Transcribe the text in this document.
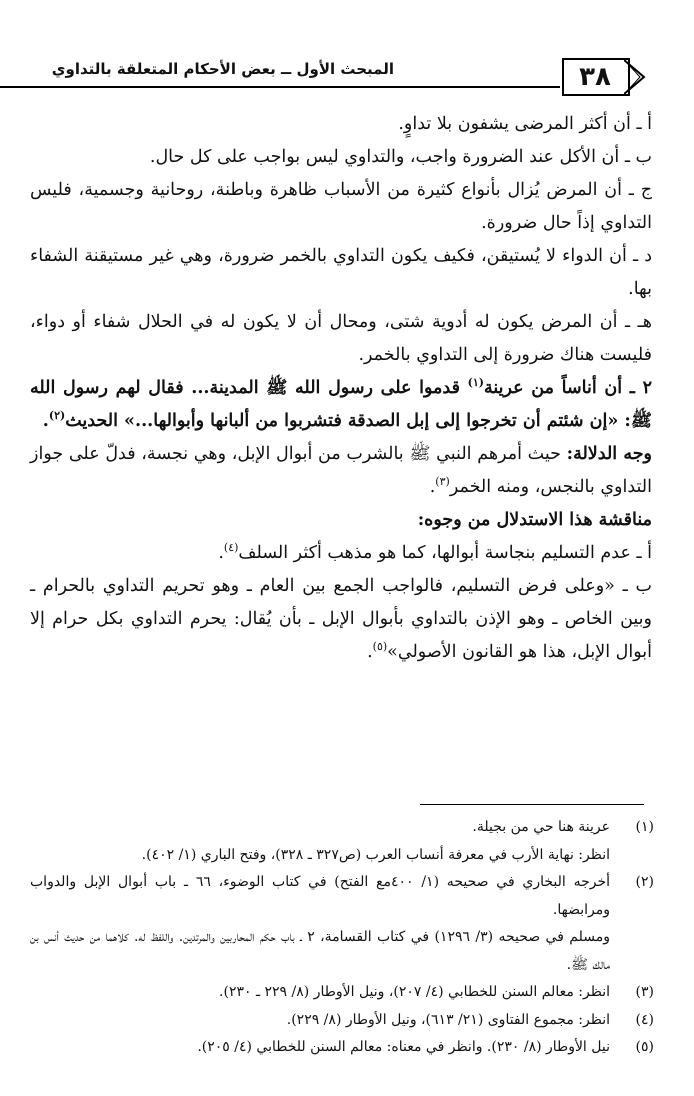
المبحث الأول ــ بعض الأحكام المتعلقة بالتداوي	٣٨

أ ـ أن أكثر المرضى يشفون بلا تداوٍ.

ب ـ أن الأكل عند الضرورة واجب، والتداوي ليس بواجب على كل حال.

ج ـ أن المرض يُزال بأنواع كثيرة من الأسباب ظاهرة وباطنة، روحانية وجسمية، فليس التداوي إذاً حال ضرورة.

د ـ أن الدواء لا يُستيقن، فكيف يكون التداوي بالخمر ضرورة، وهي غير مستيقنة الشفاء بها.

هـ ـ أن المرض يكون له أدوية شتى، ومحال أن لا يكون له في الحلال شفاء أو دواء، فليست هناك ضرورة إلى التداوي بالخمر.

٢ ـ أن أناساً من عرينة$^{(١)}$ قدموا على رسول الله ﷺ المدينة... فقال لهم رسول الله ﷺ: «إن شئتم أن تخرجوا إلى إبل الصدقة فتشربوا من ألبانها وأبوالها...» الحديث$^{(٢)}$.

وجه الدلالة: حيث أمرهم النبي ﷺ بالشرب من أبوال الإبل، وهي نجسة، فدلّ على جواز التداوي بالنجس، ومنه الخمر$^{(٣)}$.

مناقشة هذا الاستدلال من وجوه:

أ ـ عدم التسليم بنجاسة أبوالها، كما هو مذهب أكثر السلف$^{(٤)}$.

ب ـ «وعلى فرض التسليم، فالواجب الجمع بين العام ـ وهو تحريم التداوي بالحرام ـ وبين الخاص ـ وهو الإذن بالتداوي بأبوال الإبل ـ بأن يُقال: يحرم التداوي بكل حرام إلا أبوال الإبل، هذا هو القانون الأصولي»$^{(٥)}$.

(١)

عرينة هنا حي من بجيلة.

انظر: نهاية الأرب في معرفة أنساب العرب (ص٣٢٧ ـ ٣٢٨)، وفتح الباري (١/ ٤٠٢).

(٢)

أخرجه البخاري في صحيحه (١/ ٤٠٠مع الفتح) في كتاب الوضوء، ٦٦ ـ باب أبوال الإبل والدواب ومرابضها.

ومسلم في صحيحه (٣/ ١٢٩٦) في كتاب القسامة، ٢ ـ باب حكم المحاربين والمرتدين. واللفظ له. كلاهما من حديث أنس بن مالك ﷺ.

(٣)

انظر: معالم السنن للخطابي (٤/ ٢٠٧)، ونيل الأوطار (٨/ ٢٢٩ ـ ٢٣٠).

(٤)

انظر: مجموع الفتاوى (٢١/ ٦١٣)، ونيل الأوطار (٨/ ٢٢٩).

(٥)

نيل الأوطار (٨/ ٢٣٠). وانظر في معناه: معالم السنن للخطابي (٤/ ٢٠٥).
